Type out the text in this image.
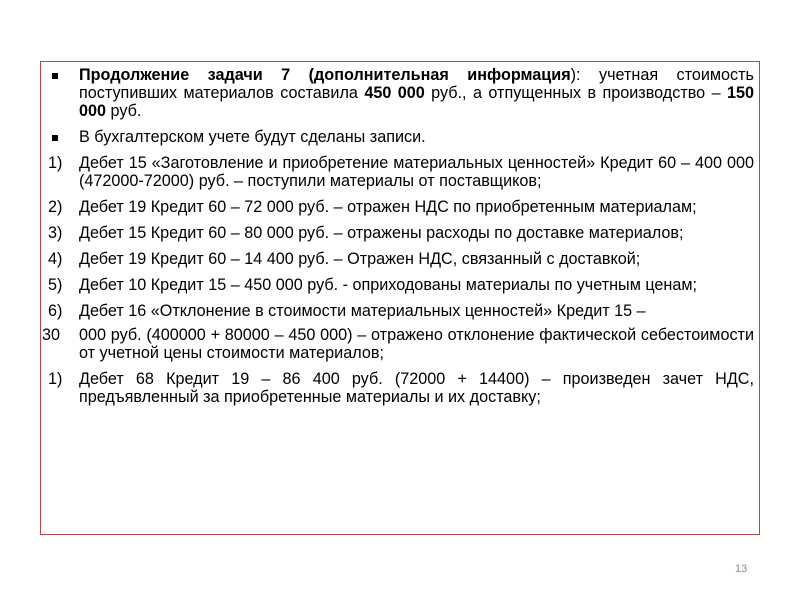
Продолжение задачи 7 (дополнительная информация): учетная стоимость поступивших материалов составила 450 000 руб., а отпущенных в производство – 150 000 руб.
В бухгалтерском учете будут сделаны записи.
1)	Дебет 15 «Заготовление и приобретение материальных ценностей» Кредит 60 – 400 000 (472000-72000) руб. – поступили материалы от поставщиков;
2)	Дебет 19 Кредит 60 – 72 000 руб. – отражен НДС по приобретенным материалам;
3)	Дебет 15 Кредит 60 – 80 000 руб. – отражены расходы по доставке материалов;
4)	Дебет 19 Кредит 60 – 14 400 руб. – Отражен НДС, связанный с доставкой;
5)	Дебет 10 Кредит 15 – 450 000 руб. - оприходованы материалы по учетным ценам;
6)	Дебет 16 «Отклонение в стоимости материальных ценностей» Кредит 15 –
30	000 руб. (400000 + 80000 – 450 000) – отражено отклонение фактической себестоимости от учетной цены стоимости материалов;
1)	Дебет 68 Кредит 19 – 86 400 руб. (72000 + 14400) – произведен зачет НДС, предъявленный за приобретенные материалы и их доставку;
13
